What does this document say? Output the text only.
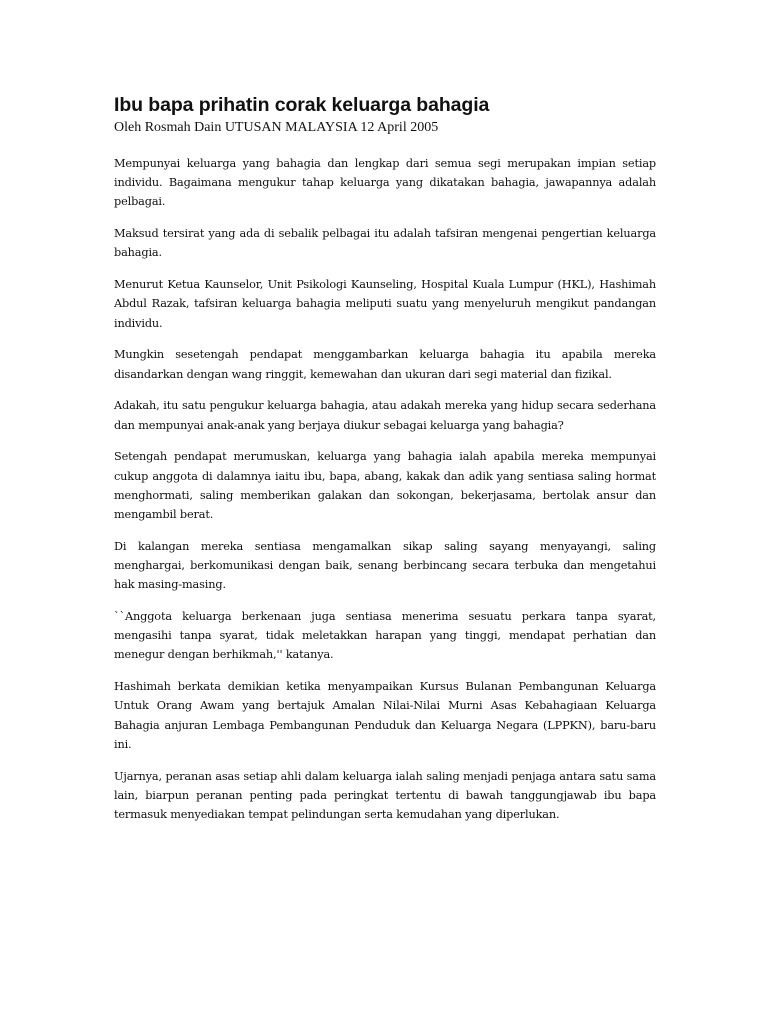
Ibu bapa prihatin corak keluarga bahagia
Oleh Rosmah Dain UTUSAN MALAYSIA 12 April 2005

Mempunyai keluarga yang bahagia dan lengkap dari semua segi merupakan impian setiap individu. Bagaimana mengukur tahap keluarga yang dikatakan bahagia, jawapannya adalah pelbagai.

Maksud tersirat yang ada di sebalik pelbagai itu adalah tafsiran mengenai pengertian keluarga bahagia.

Menurut Ketua Kaunselor, Unit Psikologi Kaunseling, Hospital Kuala Lumpur (HKL), Hashimah Abdul Razak, tafsiran keluarga bahagia meliputi suatu yang menyeluruh mengikut pandangan individu.

Mungkin sesetengah pendapat menggambarkan keluarga bahagia itu apabila mereka disandarkan dengan wang ringgit, kemewahan dan ukuran dari segi material dan fizikal.

Adakah, itu satu pengukur keluarga bahagia, atau adakah mereka yang hidup secara sederhana dan mempunyai anak-anak yang berjaya diukur sebagai keluarga yang bahagia?

Setengah pendapat merumuskan, keluarga yang bahagia ialah apabila mereka mempunyai cukup anggota di dalamnya iaitu ibu, bapa, abang, kakak dan adik yang sentiasa saling hormat menghormati, saling memberikan galakan dan sokongan, bekerjasama, bertolak ansur dan mengambil berat.

Di kalangan mereka sentiasa mengamalkan sikap saling sayang menyayangi, saling menghargai, berkomunikasi dengan baik, senang berbincang secara terbuka dan mengetahui hak masing-masing.

``Anggota keluarga berkenaan juga sentiasa menerima sesuatu perkara tanpa syarat, mengasihi tanpa syarat, tidak meletakkan harapan yang tinggi, mendapat perhatian dan menegur dengan berhikmah,'' katanya.

Hashimah berkata demikian ketika menyampaikan Kursus Bulanan Pembangunan Keluarga Untuk Orang Awam yang bertajuk Amalan Nilai-Nilai Murni Asas Kebahagiaan Keluarga Bahagia anjuran Lembaga Pembangunan Penduduk dan Keluarga Negara (LPPKN), baru-baru ini.

Ujarnya, peranan asas setiap ahli dalam keluarga ialah saling menjadi penjaga antara satu sama lain, biarpun peranan penting pada peringkat tertentu di bawah tanggungjawab ibu bapa termasuk menyediakan tempat pelindungan serta kemudahan yang diperlukan.
